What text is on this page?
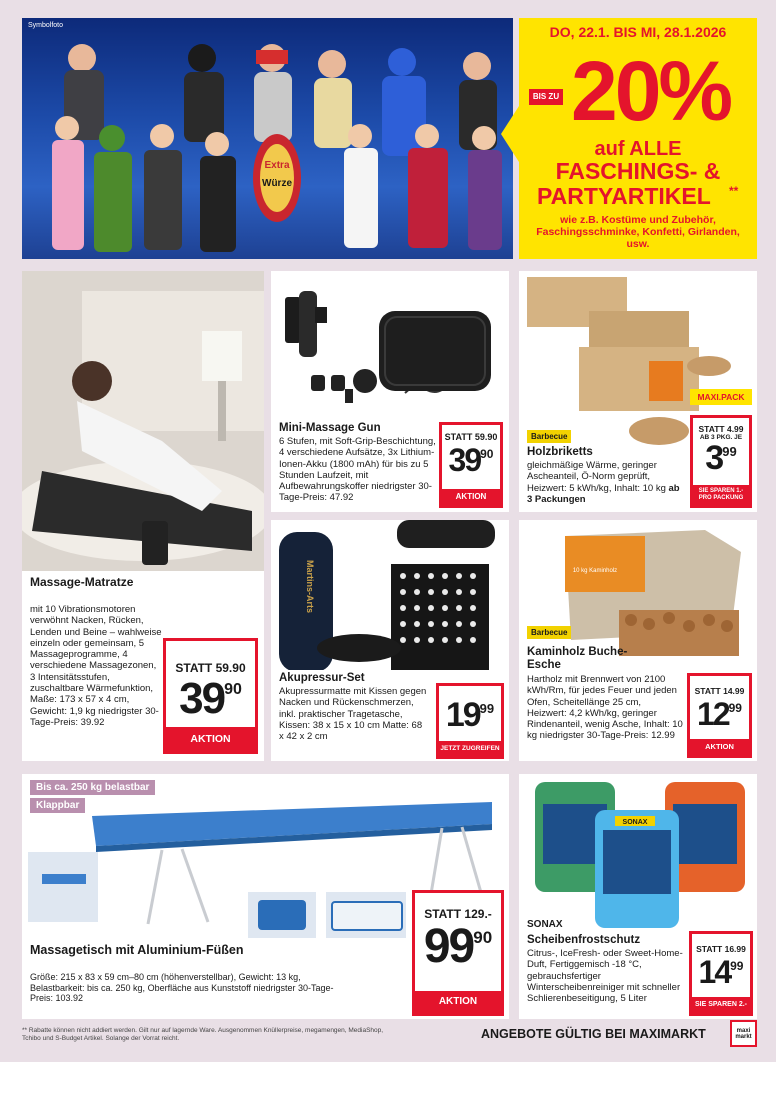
Symbolfoto
Extra
Würze
DO, 22.1. BIS MI, 28.1.2026
BIS ZU 20%
auf ALLE
FASCHINGS- &
PARTYARTIKEL **
wie z.B. Kostüme und Zubehör, Faschingsschminke, Konfetti, Girlanden, usw.
Massage-Matratze
mit 10 Vibrationsmotoren verwöhnt Nacken, Rücken, Lenden und Beine – wahlweise einzeln oder gemeinsam, 5 Massageprogramme, 4 verschiedene Massagezonen, 3 Intensitätsstufen, zuschaltbare Wärmefunktion, Maße: 173 x 57 x 4 cm, Gewicht: 1,9 kg niedrigster 30-Tage-Preis: 39.92
STATT 59.90
3990
AKTION
Mini-Massage Gun
6 Stufen, mit Soft-Grip-Beschichtung, 4 verschiedene Aufsätze, 3x Lithium-Ionen-Akku (1800 mAh) für bis zu 5 Stunden Laufzeit, mit Aufbewahrungskoffer niedrigster 30-Tage-Preis: 47.92
STATT 59.90
3990
AKTION
Barbecue
Holzbriketts
gleichmäßige Wärme, geringer Ascheanteil, Ö-Norm geprüft, Heizwert: 5 kWh/kg, Inhalt: 10 kg ab 3 Packungen
MAXI.PACK
STATT 4.99
AB 3 PKG. JE
399
SIE SPAREN 1.- PRO PACKUNG
Martins-Arts
Akupressur-Set
Akupressurmatte mit Kissen gegen Nacken und Rückenschmerzen, inkl. praktischer Tragetasche, Kissen: 38 x 15 x 10 cm Matte: 68 x 42 x 2 cm
1999
JETZT ZUGREIFEN
10 kg Kaminholz
Barbecue
Kaminholz Buche-Esche
Hartholz mit Brennwert von 2100 kWh/Rm, für jedes Feuer und jeden Ofen, Scheitellänge 25 cm, Heizwert: 4,2 kWh/kg, geringer Rindenanteil, wenig Asche, Inhalt: 10 kg niedrigster 30-Tage-Preis: 12.99
STATT 14.99
1299
AKTION
Bis ca. 250 kg belastbar
Klappbar
Massagetisch mit Aluminium-Füßen
Größe: 215 x 83 x 59 cm–80 cm (höhenverstellbar), Gewicht: 13 kg, Belastbarkeit: bis ca. 250 kg, Oberfläche aus Kunststoff niedrigster 30-Tage-Preis: 103.92
STATT 129.-
9990
AKTION
SONAX
SONAX
Scheibenfrostschutz
Citrus-, IceFresh- oder Sweet-Home-Duft, Fertiggemisch -18 °C, gebrauchsfertiger Winterscheibenreiniger mit schneller Schlierenbeseitigung, 5 Liter
STATT 16.99
1499
SIE SPAREN 2.-
** Rabatte können nicht addiert werden. Gilt nur auf lagernde Ware. Ausgenommen Knüllerpreise, megamengen, MediaShop, Tchibo und S-Budget Artikel. Solange der Vorrat reicht.	ANGEBOTE GÜLTIG BEI MAXIMARKT	maxi markt
